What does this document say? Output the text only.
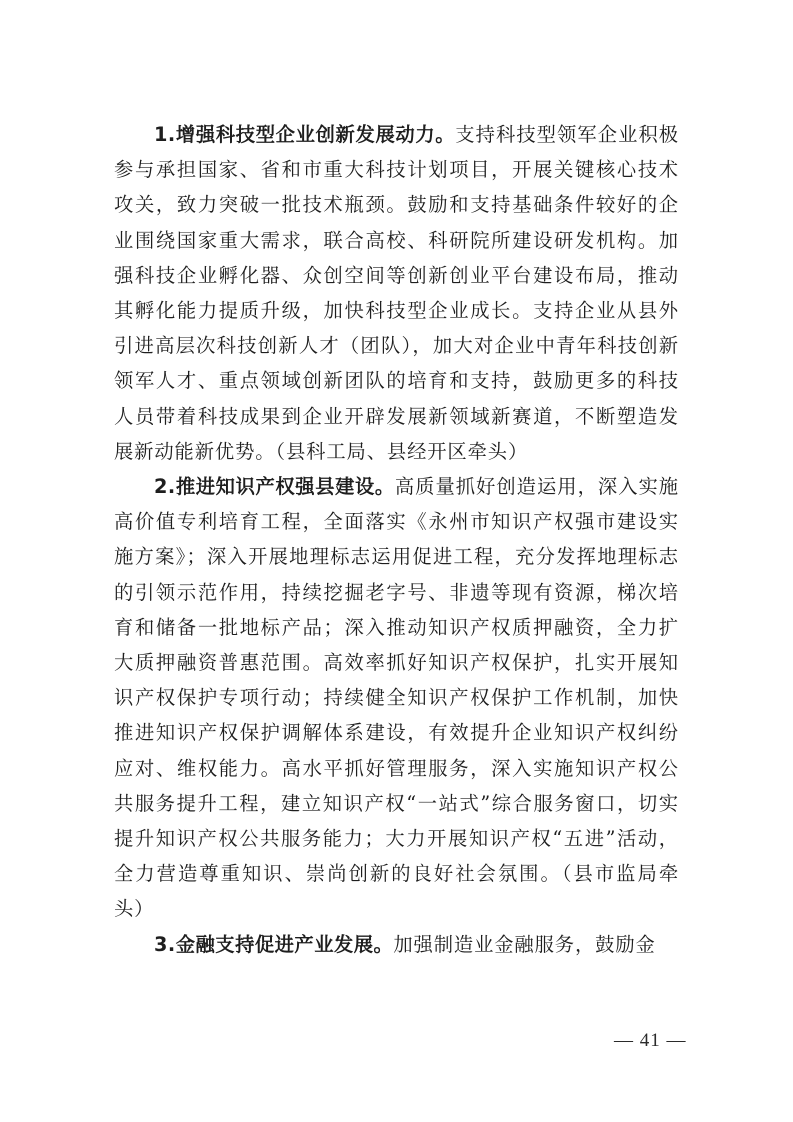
1.增强科技型企业创新发展动力。支持科技型领军企业积极参与承担国家、省和市重大科技计划项目，开展关键核心技术攻关，致力突破一批技术瓶颈。鼓励和支持基础条件较好的企业围绕国家重大需求，联合高校、科研院所建设研发机构。加强科技企业孵化器、众创空间等创新创业平台建设布局，推动其孵化能力提质升级，加快科技型企业成长。支持企业从县外引进高层次科技创新人才（团队），加大对企业中青年科技创新领军人才、重点领域创新团队的培育和支持，鼓励更多的科技人员带着科技成果到企业开辟发展新领域新赛道，不断塑造发展新动能新优势。（县科工局、县经开区牵头）

2.推进知识产权强县建设。高质量抓好创造运用，深入实施高价值专利培育工程，全面落实《永州市知识产权强市建设实施方案》；深入开展地理标志运用促进工程，充分发挥地理标志的引领示范作用，持续挖掘老字号、非遗等现有资源，梯次培育和储备一批地标产品；深入推动知识产权质押融资，全力扩大质押融资普惠范围。高效率抓好知识产权保护，扎实开展知识产权保护专项行动；持续健全知识产权保护工作机制，加快推进知识产权保护调解体系建设，有效提升企业知识产权纠纷应对、维权能力。高水平抓好管理服务，深入实施知识产权公共服务提升工程，建立知识产权“一站式”综合服务窗口，切实提升知识产权公共服务能力；大力开展知识产权“五进”活动，全力营造尊重知识、崇尚创新的良好社会氛围。（县市监局牵头）

3.金融支持促进产业发展。加强制造业金融服务，鼓励金

— 41 —
